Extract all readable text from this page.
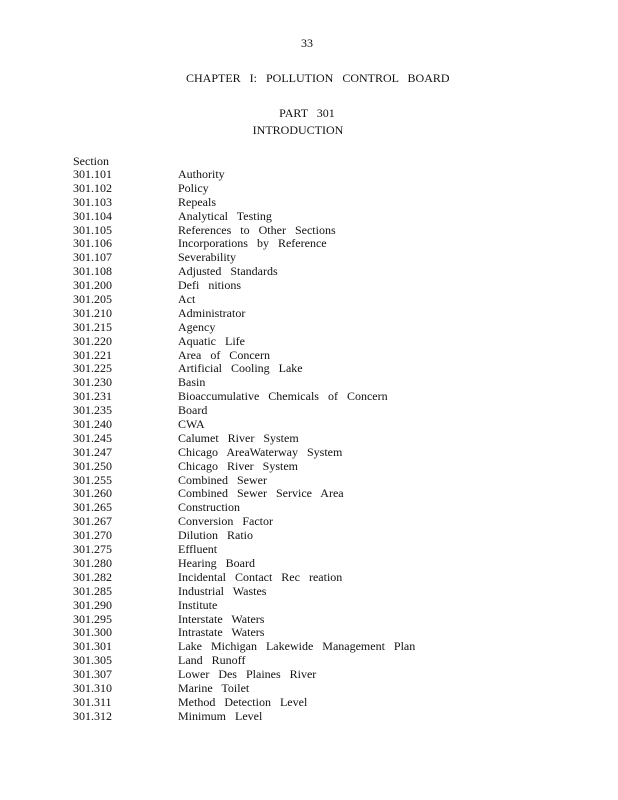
33
CHAPTER I: POLLUTION CONTROL BOARD
PART 301
INTRODUCTION
Section
301.101	Authority
301.102	Policy
301.103	Repeals
301.104	Analytical Testing
301.105	References to Other Sections
301.106	Incorporations by Reference
301.107	Severability
301.108	Adjusted Standards
301.200	Defi nitions
301.205	Act
301.210	Administrator
301.215	Agency
301.220	Aquatic Life
301.221	Area of Concern
301.225	Artificial Cooling Lake
301.230	Basin
301.231	Bioaccumulative Chemicals of Concern
301.235	Board
301.240	CWA
301.245	Calumet River System
301.247	Chicago AreaWaterway System
301.250	Chicago River System
301.255	Combined Sewer
301.260	Combined Sewer Service Area
301.265	Construction
301.267	Conversion Factor
301.270	Dilution Ratio
301.275	Effluent
301.280	Hearing Board
301.282	Incidental Contact Rec reation
301.285	Industrial Wastes
301.290	Institute
301.295	Interstate Waters
301.300	Intrastate Waters
301.301	Lake Michigan Lakewide Management Plan
301.305	Land Runoff
301.307	Lower Des Plaines River
301.310	Marine Toilet
301.311	Method Detection Level
301.312	Minimum Level
